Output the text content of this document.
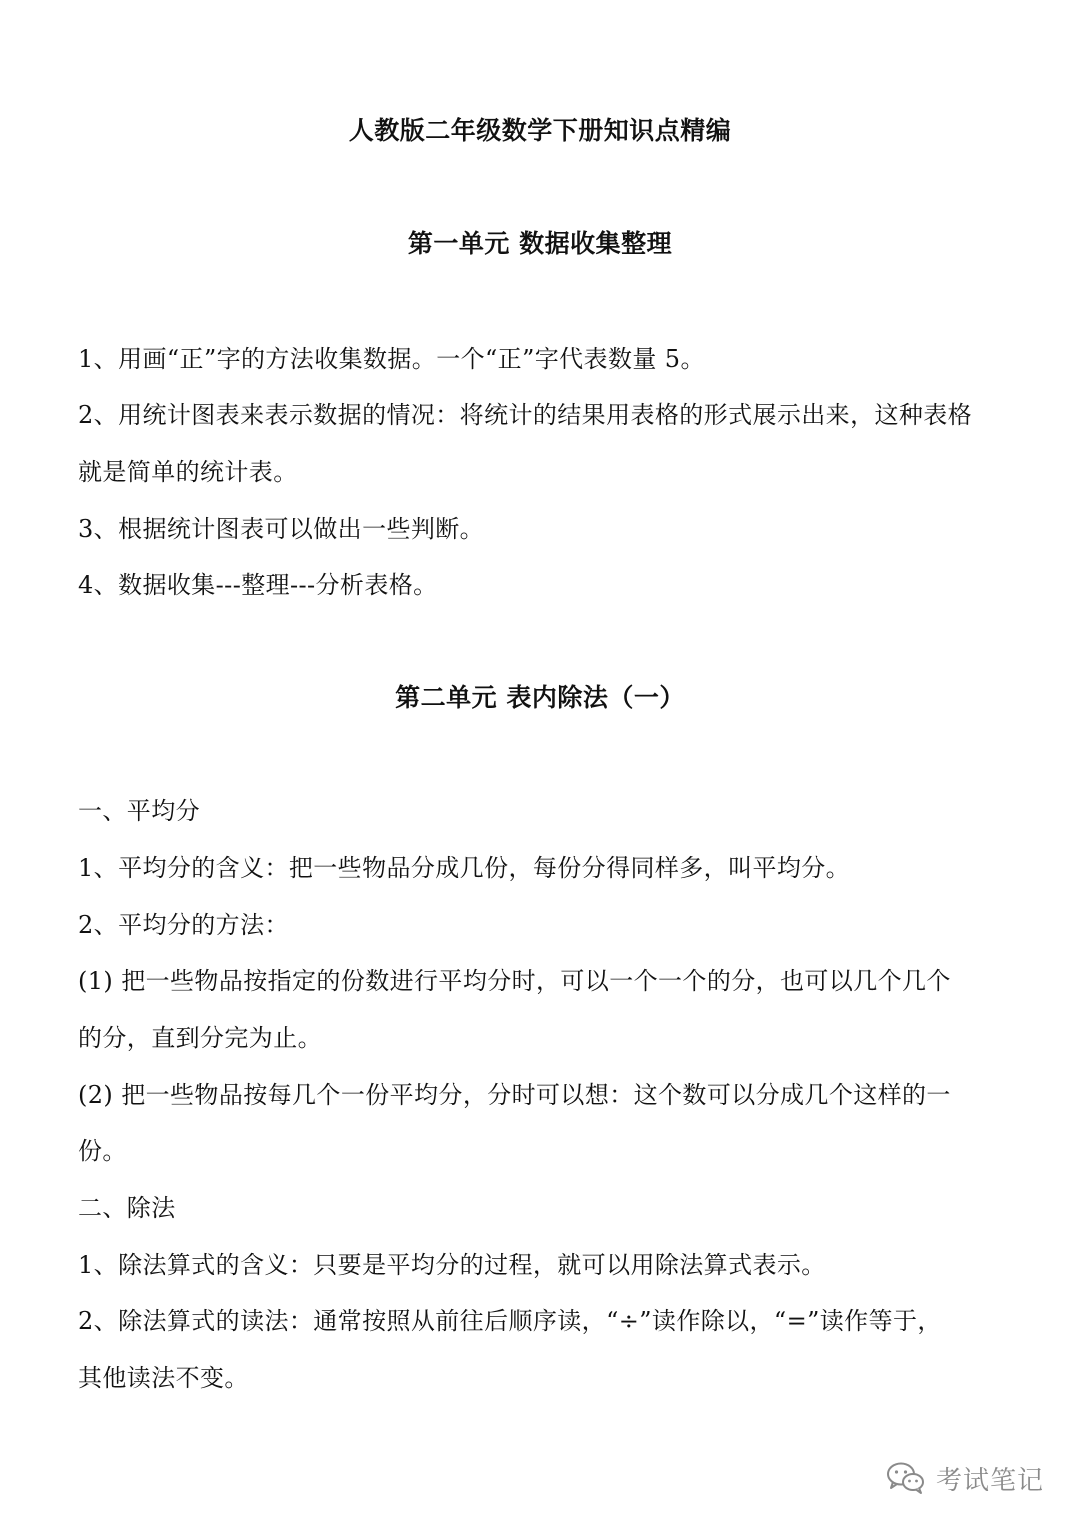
人教版二年级数学下册知识点精编
第一单元 数据收集整理
1、用画“正”字的方法收集数据。一个“正”字代表数量 5。
2、用统计图表来表示数据的情况：将统计的结果用表格的形式展示出来，这种表格
就是简单的统计表。
3、根据统计图表可以做出一些判断。
4、数据收集---整理---分析表格。
第二单元 表内除法（一）
一、平均分
1、平均分的含义：把一些物品分成几份，每份分得同样多，叫平均分。
2、平均分的方法：
(1) 把一些物品按指定的份数进行平均分时，可以一个一个的分，也可以几个几个
的分，直到分完为止。
(2) 把一些物品按每几个一份平均分，分时可以想：这个数可以分成几个这样的一
份。
二、除法
1、除法算式的含义：只要是平均分的过程，就可以用除法算式表示。
2、除法算式的读法：通常按照从前往后顺序读，“÷”读作除以，“=”读作等于，
其他读法不变。
考试笔记
